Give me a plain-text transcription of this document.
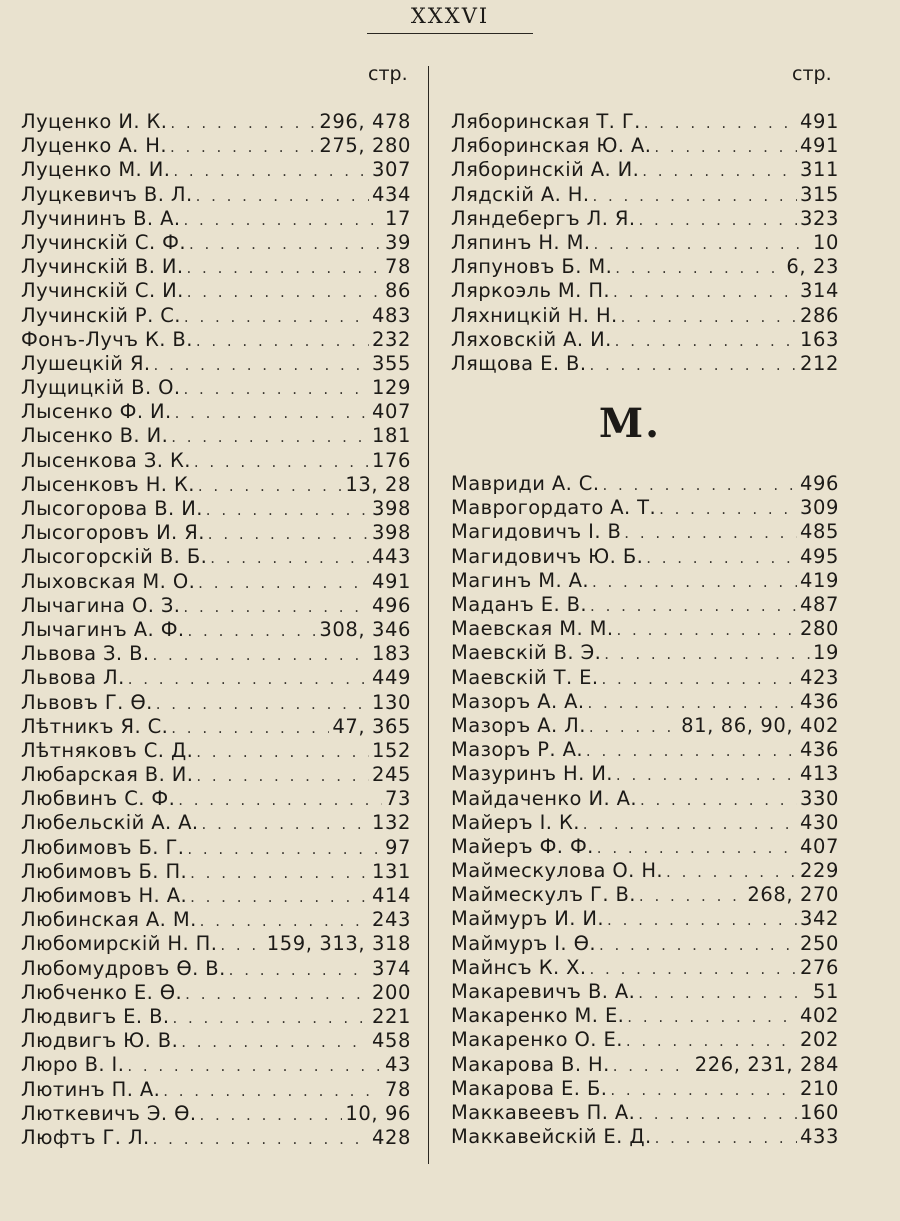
XXXVI
стр.	стр.
Луценко И. К. . . .	296, 478
Луценко А. Н. . . .	275, 280
Луценко М. И. . . .	307
Луцкевичъ В. Л. . . .	434
Лучининъ В. А. . . .	17
Лучинскій С. Ф. . . .	39
Лучинскій В. И. . . .	78
Лучинскій С. И. . . .	86
Лучинскій Р. С. . . .	483
Фонъ-Лучъ К. В. . . .	232
Лушецкій Я. . . .	355
Лущицкій В. О. . . .	129
Лысенко Ф. И. . . .	407
Лысенко В. И. . . .	181
Лысенкова З. К. . . .	176
Лысенковъ Н. К. . . .	13, 28
Лысогорова В. И. . . .	398
Лысогоровъ И. Я. . . .	398
Лысогорскій В. Б. . . .	443
Лыховская М. О. . . .	491
Лычагина О. З. . . .	496
Лычагинъ А. Ф. . . .	308, 346
Львова З. В. . . .	183
Львова Л. . . .	449
Львовъ Г. Ѳ. . . .	130
Лѣтникъ Я. С. . . .	47, 365
Лѣтняковъ С. Д. . . .	152
Любарская В. И. . . .	245
Любвинъ С. Ф. . . .	73
Любельскій А. А. . . .	132
Любимовъ Б. Г. . . .	97
Любимовъ Б. П. . . .	131
Любимовъ Н. А. . . .	414
Любинская А. М. . . .	243
Любомирскій Н. П. . . .	159, 313, 318
Любомудровъ Ѳ. В. . . .	374
Любченко Е. Ѳ. . . .	200
Людвигъ Е. В. . . .	221
Людвигъ Ю. В. . . .	458
Люро В. І. . . .	43
Лютинъ П. А. . . .	78
Люткевичъ Э. Ѳ. . . .	10, 96
Люфтъ Г. Л. . . .	428
Ляборинская Т. Г. . . .	491
Ляборинская Ю. А. . . .	491
Ляборинскій А. И. . . .	311
Лядскій А. Н. . . .	315
Ляндебергъ Л. Я. . . .	323
Ляпинъ Н. М. . . .	10
Ляпуновъ Б. М. . . .	6, 23
Ляркоэль М. П. . . .	314
Ляхницкій Н. Н. . . .	286
Ляховскій А. И. . . .	163
Лящова Е. В. . . .	212
М.
Мавриди А. С. . . .	496
Маврогордато А. Т. . . .	309
Магидовичъ І. В . . .	485
Магидовичъ Ю. Б. . . .	495
Магинъ М. А. . . .	419
Маданъ Е. В. . . .	487
Маевская М. М. . . .	280
Маевскій В. Э. . . .	19
Маевскій Т. Е. . . .	423
Мазоръ А. А. . . .	436
Мазоръ А. Л. . . .	81, 86, 90, 402
Мазоръ Р. А. . . .	436
Мазуринъ Н. И. . . .	413
Майдаченко И. А. . . .	330
Майеръ І. К. . . .	430
Майеръ Ф. Ф. . . .	407
Маймескулова О. Н. . . .	229
Маймескулъ Г. В. . . .	268, 270
Маймуръ И. И. . . .	342
Маймуръ І. Ѳ. . . .	250
Майнсъ К. Х. . . .	276
Макаревичъ В. А. . . .	51
Макаренко М. Е. . . .	402
Макаренко О. Е. . . .	202
Макарова В. Н. . . .	226, 231, 284
Макарова Е. Б. . . .	210
Маккавеевъ П. А. . . .	160
Маккавейскій Е. Д. . . .	433
